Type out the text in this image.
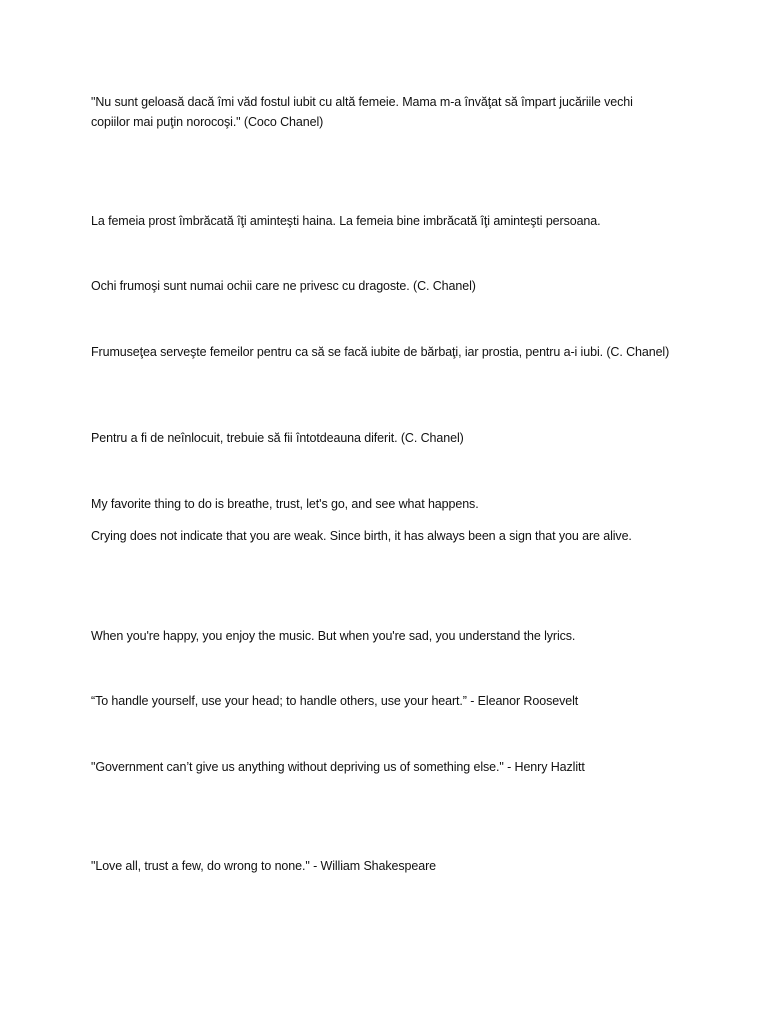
"Nu sunt geloasă dacă îmi văd fostul iubit cu altă femeie. Mama m-a învăţat să împart jucăriile vechi copiilor mai puţin norocoşi." (Coco Chanel)

La femeia prost îmbrăcată îţi aminteşti haina. La femeia bine imbrăcată îţi aminteşti persoana.

Ochi frumoşi sunt numai ochii care ne privesc cu dragoste. (C. Chanel)

Frumuseţea serveşte femeilor pentru ca să se facă iubite de bărbaţi, iar prostia, pentru a-i iubi. (C. Chanel)

Pentru a fi de neînlocuit, trebuie să fii întotdeauna diferit. (C. Chanel)

My favorite thing to do is breathe, trust, let's go, and see what happens.

Crying does not indicate that you are weak. Since birth, it has always been a sign that you are alive.

When you're happy, you enjoy the music. But when you're sad, you understand the lyrics.

“To handle yourself, use your head; to handle others, use your heart.” - Eleanor Roosevelt

"Government can’t give us anything without depriving us of something else." - Henry Hazlitt

"Love all, trust a few, do wrong to none." - William Shakespeare
